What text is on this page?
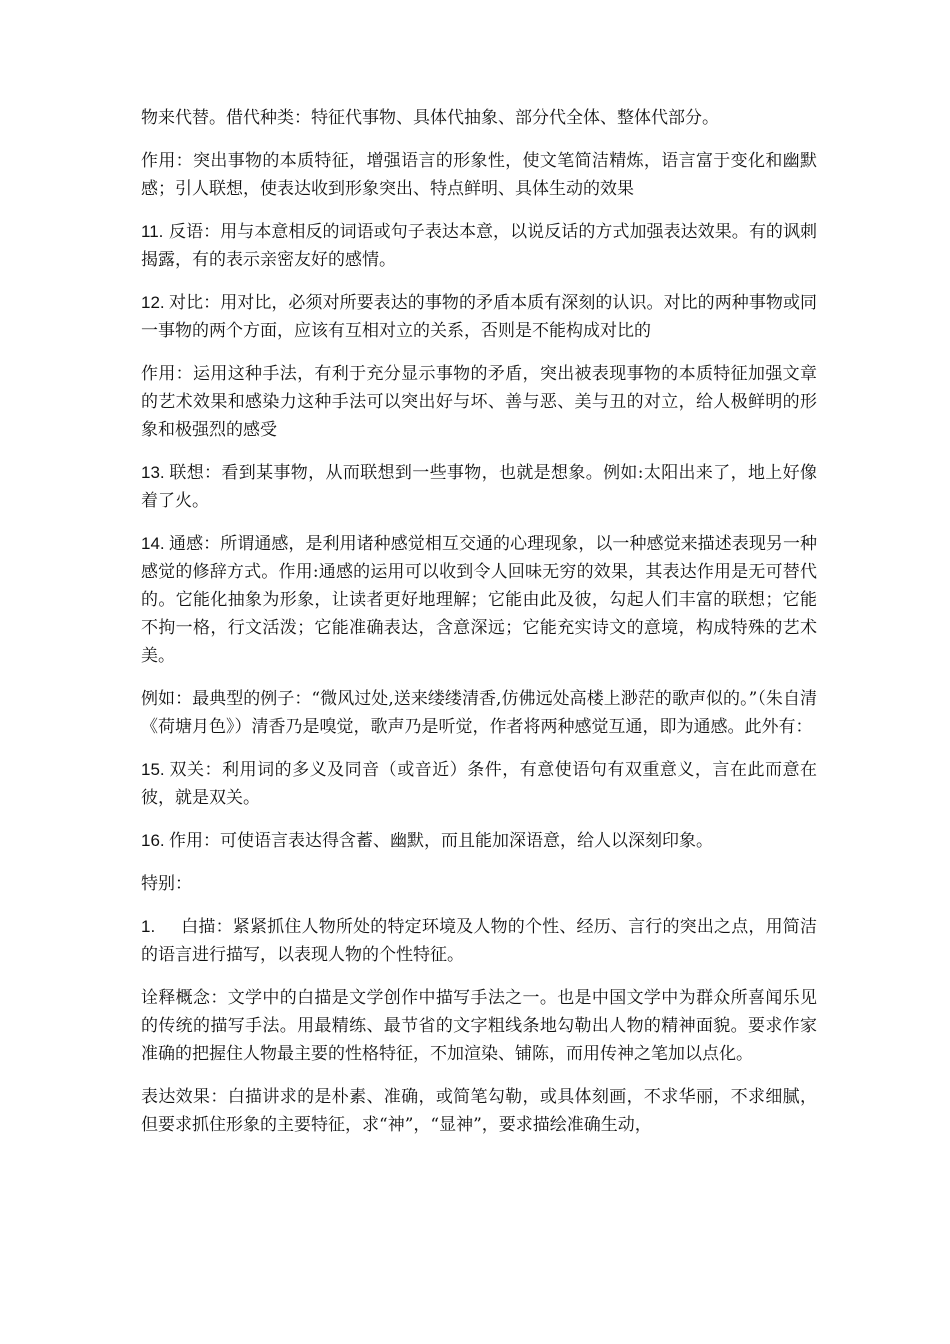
物来代替。借代种类：特征代事物、具体代抽象、部分代全体、整体代部分。

作用：突出事物的本质特征，增强语言的形象性，使文笔简洁精炼，语言富于变化和幽默感；引人联想，使表达收到形象突出、特点鲜明、具体生动的效果

11. 反语：用与本意相反的词语或句子表达本意，以说反话的方式加强表达效果。有的讽刺揭露，有的表示亲密友好的感情。

12. 对比：用对比，必须对所要表达的事物的矛盾本质有深刻的认识。对比的两种事物或同一事物的两个方面，应该有互相对立的关系，否则是不能构成对比的

作用：运用这种手法，有利于充分显示事物的矛盾，突出被表现事物的本质特征加强文章的艺术效果和感染力这种手法可以突出好与坏、善与恶、美与丑的对立，给人极鲜明的形象和极强烈的感受

13. 联想：看到某事物，从而联想到一些事物，也就是想象。例如:太阳出来了，地上好像着了火。

14. 通感：所谓通感，是利用诸种感觉相互交通的心理现象，以一种感觉来描述表现另一种感觉的修辞方式。作用:通感的运用可以收到令人回味无穷的效果，其表达作用是无可替代的。它能化抽象为形象，让读者更好地理解；它能由此及彼，勾起人们丰富的联想；它能不拘一格，行文活泼；它能准确表达，含意深远；它能充实诗文的意境，构成特殊的艺术美。

例如：最典型的例子：“微风过处,送来缕缕清香,仿佛远处高楼上渺茫的歌声似的。”（朱自清《荷塘月色》）清香乃是嗅觉，歌声乃是听觉，作者将两种感觉互通，即为通感。此外有：

15. 双关：利用词的多义及同音（或音近）条件，有意使语句有双重意义，言在此而意在彼，就是双关。

16. 作用：可使语言表达得含蓄、幽默，而且能加深语意，给人以深刻印象。

特别：

1. 白描：紧紧抓住人物所处的特定环境及人物的个性、经历、言行的突出之点，用简洁的语言进行描写，以表现人物的个性特征。

诠释概念：文学中的白描是文学创作中描写手法之一。也是中国文学中为群众所喜闻乐见的传统的描写手法。用最精练、最节省的文字粗线条地勾勒出人物的精神面貌。要求作家准确的把握住人物最主要的性格特征，不加渲染、铺陈，而用传神之笔加以点化。

表达效果：白描讲求的是朴素、准确，或简笔勾勒，或具体刻画，不求华丽，不求细腻，但要求抓住形象的主要特征，求“神”，“显神”，要求描绘准确生动，
